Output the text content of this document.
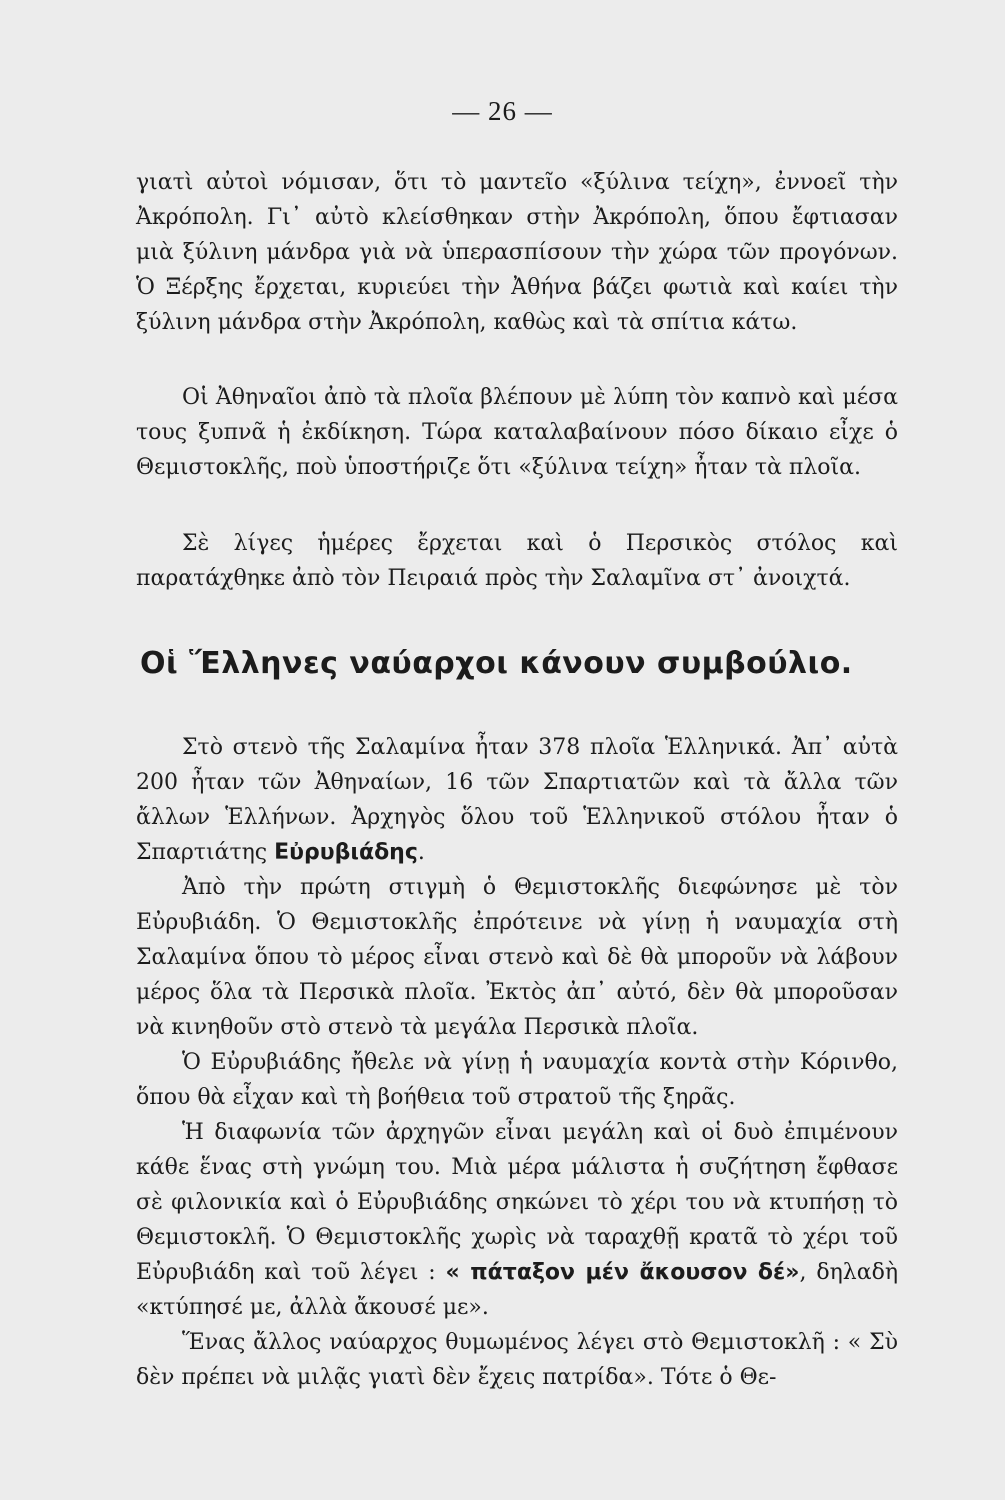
— 26 —

γιατὶ αὐτοὶ νόμισαν, ὅτι τὸ μαντεῖο «ξύλινα τείχη», ἐννοεῖ τὴν Ἀκρόπολη. Γι᾿ αὐτὸ κλείσθηκαν στὴν Ἀκρόπολη, ὅπου ἔφτιασαν μιὰ ξύλινη μάνδρα γιὰ νὰ ὑπερασπίσουν τὴν χώρα τῶν προγόνων. Ὁ Ξέρξης ἔρχεται, κυριεύει τὴν Ἀθήνα βάζει φωτιὰ καὶ καίει τὴν ξύλινη μάνδρα στὴν Ἀκρόπολη, καθὼς καὶ τὰ σπίτια κάτω.

Οἱ Ἀθηναῖοι ἀπὸ τὰ πλοῖα βλέπουν μὲ λύπη τὸν καπνὸ καὶ μέσα τους ξυπνᾶ ἡ ἐκδίκηση. Τώρα καταλαβαίνουν πόσο δίκαιο εἶχε ὁ Θεμιστοκλῆς, ποὺ ὑποστήριζε ὅτι «ξύλινα τείχη» ἦταν τὰ πλοῖα.

Σὲ λίγες ἡμέρες ἔρχεται καὶ ὁ Περσικὸς στόλος καὶ παρατάχθηκε ἀπὸ τὸν Πειραιά πρὸς τὴν Σαλαμῖνα στ᾿ ἀνοιχτά.

Οἱ Ἕλληνες ναύαρχοι κάνουν συμβούλιο.

Στὸ στενὸ τῆς Σαλαμίνα ἦταν 378 πλοῖα Ἑλληνικά. Ἀπ᾿ αὐτὰ 200 ἦταν τῶν Ἀθηναίων, 16 τῶν Σπαρτιατῶν καὶ τὰ ἄλλα τῶν ἄλλων Ἑλλήνων. Ἀρχηγὸς ὅλου τοῦ Ἑλληνικοῦ στόλου ἦταν ὁ Σπαρτιάτης Εὐρυβιάδης.

Ἀπὸ τὴν πρώτη στιγμὴ ὁ Θεμιστοκλῆς διεφώνησε μὲ τὸν Εὐρυβιάδη. Ὁ Θεμιστοκλῆς ἐπρότεινε νὰ γίνῃ ἡ ναυμαχία στὴ Σαλαμίνα ὅπου τὸ μέρος εἶναι στενὸ καὶ δὲ θὰ μποροῦν νὰ λάβουν μέρος ὅλα τὰ Περσικὰ πλοῖα. Ἐκτὸς ἀπ᾿ αὐτό, δὲν θὰ μποροῦσαν νὰ κινηθοῦν στὸ στενὸ τὰ μεγάλα Περσικὰ πλοῖα.

Ὁ Εὐρυβιάδης ἤθελε νὰ γίνῃ ἡ ναυμαχία κοντὰ στὴν Κόρινθο, ὅπου θὰ εἶχαν καὶ τὴ βοήθεια τοῦ στρατοῦ τῆς ξηρᾶς.

Ἡ διαφωνία τῶν ἀρχηγῶν εἶναι μεγάλη καὶ οἱ δυὸ ἐπιμένουν κάθε ἕνας στὴ γνώμη του. Μιὰ μέρα μάλιστα ἡ συζήτηση ἔφθασε σὲ φιλονικία καὶ ὁ Εὐρυβιάδης σηκώνει τὸ χέρι του νὰ κτυπήσῃ τὸ Θεμιστοκλῆ. Ὁ Θεμιστοκλῆς χωρὶς νὰ ταραχθῇ κρατᾶ τὸ χέρι τοῦ Εὐρυβιάδη καὶ τοῦ λέγει : « πάταξον μέν ἄκουσον δέ», δηλαδὴ «κτύπησέ με, ἀλλὰ ἄκουσέ με».

Ἕνας ἄλλος ναύαρχος θυμωμένος λέγει στὸ Θεμιστοκλῆ : « Σὺ δὲν πρέπει νὰ μιλᾷς γιατὶ δὲν ἔχεις πατρίδα». Τότε ὁ Θε-
